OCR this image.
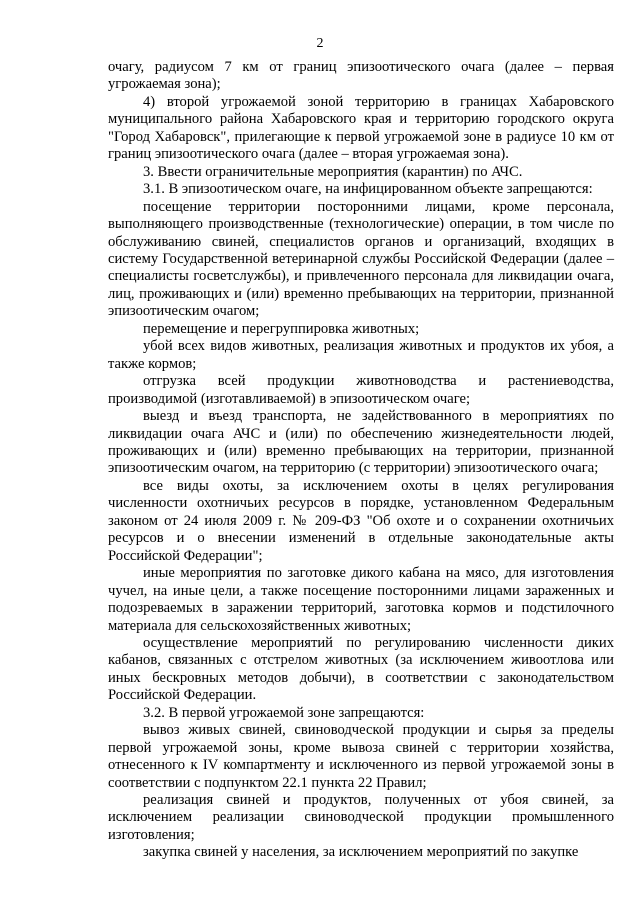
2

очагу, радиусом 7 км от границ эпизоотического очага (далее – первая угрожаемая зона);

4) второй угрожаемой зоной территорию в границах Хабаровского муниципального района Хабаровского края и территорию городского округа "Город Хабаровск", прилегающие к первой угрожаемой зоне в радиусе 10 км от границ эпизоотического очага (далее – вторая угрожаемая зона).

3. Ввести ограничительные мероприятия (карантин) по АЧС.

3.1. В эпизоотическом очаге, на инфицированном объекте запрещаются:

посещение территории посторонними лицами, кроме персонала, выполняющего производственные (технологические) операции, в том числе по обслуживанию свиней, специалистов органов и организаций, входящих в систему Государственной ветеринарной службы Российской Федерации (далее – специалисты госветслужбы), и привлеченного персонала для ликвидации очага, лиц, проживающих и (или) временно пребывающих на территории, признанной эпизоотическим очагом;

перемещение и перегруппировка животных;

убой всех видов животных, реализация животных и продуктов их убоя, а также кормов;

отгрузка всей продукции животноводства и растениеводства, производимой (изготавливаемой) в эпизоотическом очаге;

выезд и въезд транспорта, не задействованного в мероприятиях по ликвидации очага АЧС и (или) по обеспечению жизнедеятельности людей, проживающих и (или) временно пребывающих на территории, признанной эпизоотическим очагом, на территорию (с территории) эпизоотического очага;

все виды охоты, за исключением охоты в целях регулирования численности охотничьих ресурсов в порядке, установленном Федеральным законом от 24 июля 2009 г. № 209-ФЗ "Об охоте и о сохранении охотничьих ресурсов и о внесении изменений в отдельные законодательные акты Российской Федерации";

иные мероприятия по заготовке дикого кабана на мясо, для изготовления чучел, на иные цели, а также посещение посторонними лицами зараженных и подозреваемых в заражении территорий, заготовка кормов и подстилочного материала для сельскохозяйственных животных;

осуществление мероприятий по регулированию численности диких кабанов, связанных с отстрелом животных (за исключением живоотлова или иных бескровных методов добычи), в соответствии с законодательством Российской Федерации.

3.2. В первой угрожаемой зоне запрещаются:

вывоз живых свиней, свиноводческой продукции и сырья за пределы первой угрожаемой зоны, кроме вывоза свиней с территории хозяйства, отнесенного к IV компартменту и исключенного из первой угрожаемой зоны в соответствии с подпунктом 22.1 пункта 22 Правил;

реализация свиней и продуктов, полученных от убоя свиней, за исключением реализации свиноводческой продукции промышленного изготовления;

закупка свиней у населения, за исключением мероприятий по закупке
